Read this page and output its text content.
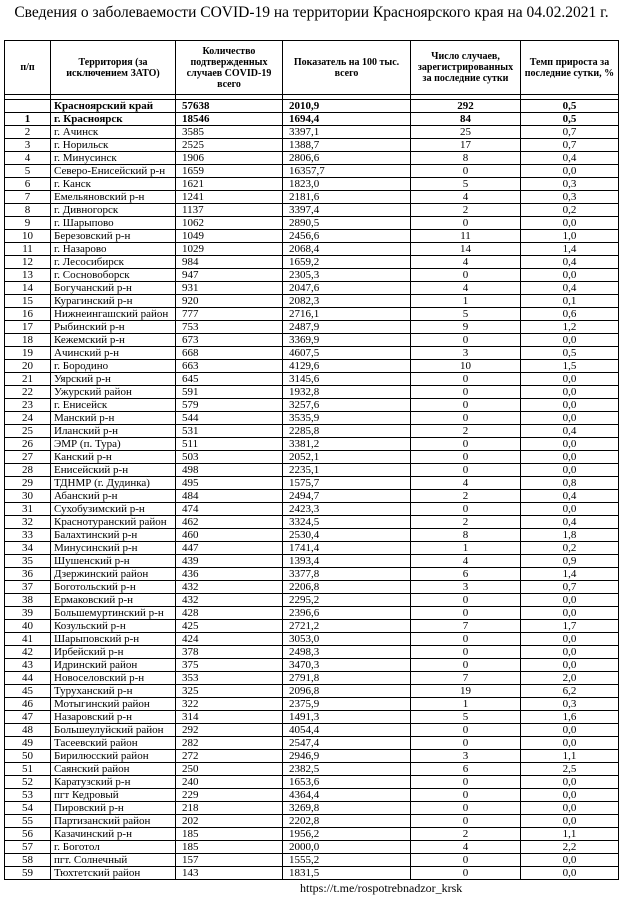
Сведения о заболеваемости COVID-19 на территории Красноярского края на 04.02.2021 г.
п/п	Территория (за исключением ЗАТО)	Количество подтвержденных случаев COVID-19 всего	Показатель на 100 тыс. всего	Число случаев, зарегистрированных за последние сутки	Темп прироста за последние сутки, %

	Красноярский край	57638	2010,9	292	0,5
1	г. Красноярск	18546	1694,4	84	0,5
2	г. Ачинск	3585	3397,1	25	0,7
3	г. Норильск	2525	1388,7	17	0,7
4	г. Минусинск	1906	2806,6	8	0,4
5	Северо-Енисейский р-н	1659	16357,7	0	0,0
6	г. Канск	1621	1823,0	5	0,3
7	Емельяновский р-н	1241	2181,6	4	0,3
8	г. Дивногорск	1137	3397,4	2	0,2
9	г. Шарыпово	1062	2890,5	0	0,0
10	Березовский р-н	1049	2456,6	11	1,0
11	г. Назарово	1029	2068,4	14	1,4
12	г. Лесосибирск	984	1659,2	4	0,4
13	г. Сосновоборск	947	2305,3	0	0,0
14	Богучанский р-н	931	2047,6	4	0,4
15	Курагинский р-н	920	2082,3	1	0,1
16	Нижнеингашский район	777	2716,1	5	0,6
17	Рыбинский р-н	753	2487,9	9	1,2
18	Кежемский р-н	673	3369,9	0	0,0
19	Ачинский р-н	668	4607,5	3	0,5
20	г. Бородино	663	4129,6	10	1,5
21	Уярский р-н	645	3145,6	0	0,0
22	Ужурский район	591	1932,8	0	0,0
23	г. Енисейск	579	3257,6	0	0,0
24	Манский р-н	544	3535,9	0	0,0
25	Иланский р-н	531	2285,8	2	0,4
26	ЭМР (п. Тура)	511	3381,2	0	0,0
27	Канский р-н	503	2052,1	0	0,0
28	Енисейский р-н	498	2235,1	0	0,0
29	ТДНМР (г. Дудинка)	495	1575,7	4	0,8
30	Абанский р-н	484	2494,7	2	0,4
31	Сухобузимский р-н	474	2423,3	0	0,0
32	Краснотуранский район	462	3324,5	2	0,4
33	Балахтинский р-н	460	2530,4	8	1,8
34	Минусинский р-н	447	1741,4	1	0,2
35	Шушенский р-н	439	1393,4	4	0,9
36	Дзержинский район	436	3377,8	6	1,4
37	Боготольский р-н	432	2206,8	3	0,7
38	Ермаковский р-н	432	2295,2	0	0,0
39	Большемуртинский р-н	428	2396,6	0	0,0
40	Козульский р-н	425	2721,2	7	1,7
41	Шарыповский р-н	424	3053,0	0	0,0
42	Ирбейский р-н	378	2498,3	0	0,0
43	Идринский район	375	3470,3	0	0,0
44	Новоселовский р-н	353	2791,8	7	2,0
45	Туруханский р-н	325	2096,8	19	6,2
46	Мотыгинский район	322	2375,9	1	0,3
47	Назаровский р-н	314	1491,3	5	1,6
48	Большеулуйский район	292	4054,4	0	0,0
49	Тасеевский район	282	2547,4	0	0,0
50	Бирилюсский район	272	2946,9	3	1,1
51	Саянский район	250	2382,5	6	2,5
52	Каратузский р-н	240	1653,6	0	0,0
53	пгт Кедровый	229	4364,4	0	0,0
54	Пировский р-н	218	3269,8	0	0,0
55	Партизанский район	202	2202,8	0	0,0
56	Казачинский р-н	185	1956,2	2	1,1
57	г. Боготол	185	2000,0	4	2,2
58	пгт. Солнечный	157	1555,2	0	0,0
59	Тюхтетский район	143	1831,5	0	0,0
https://t.me/rospotrebnadzor_krsk
